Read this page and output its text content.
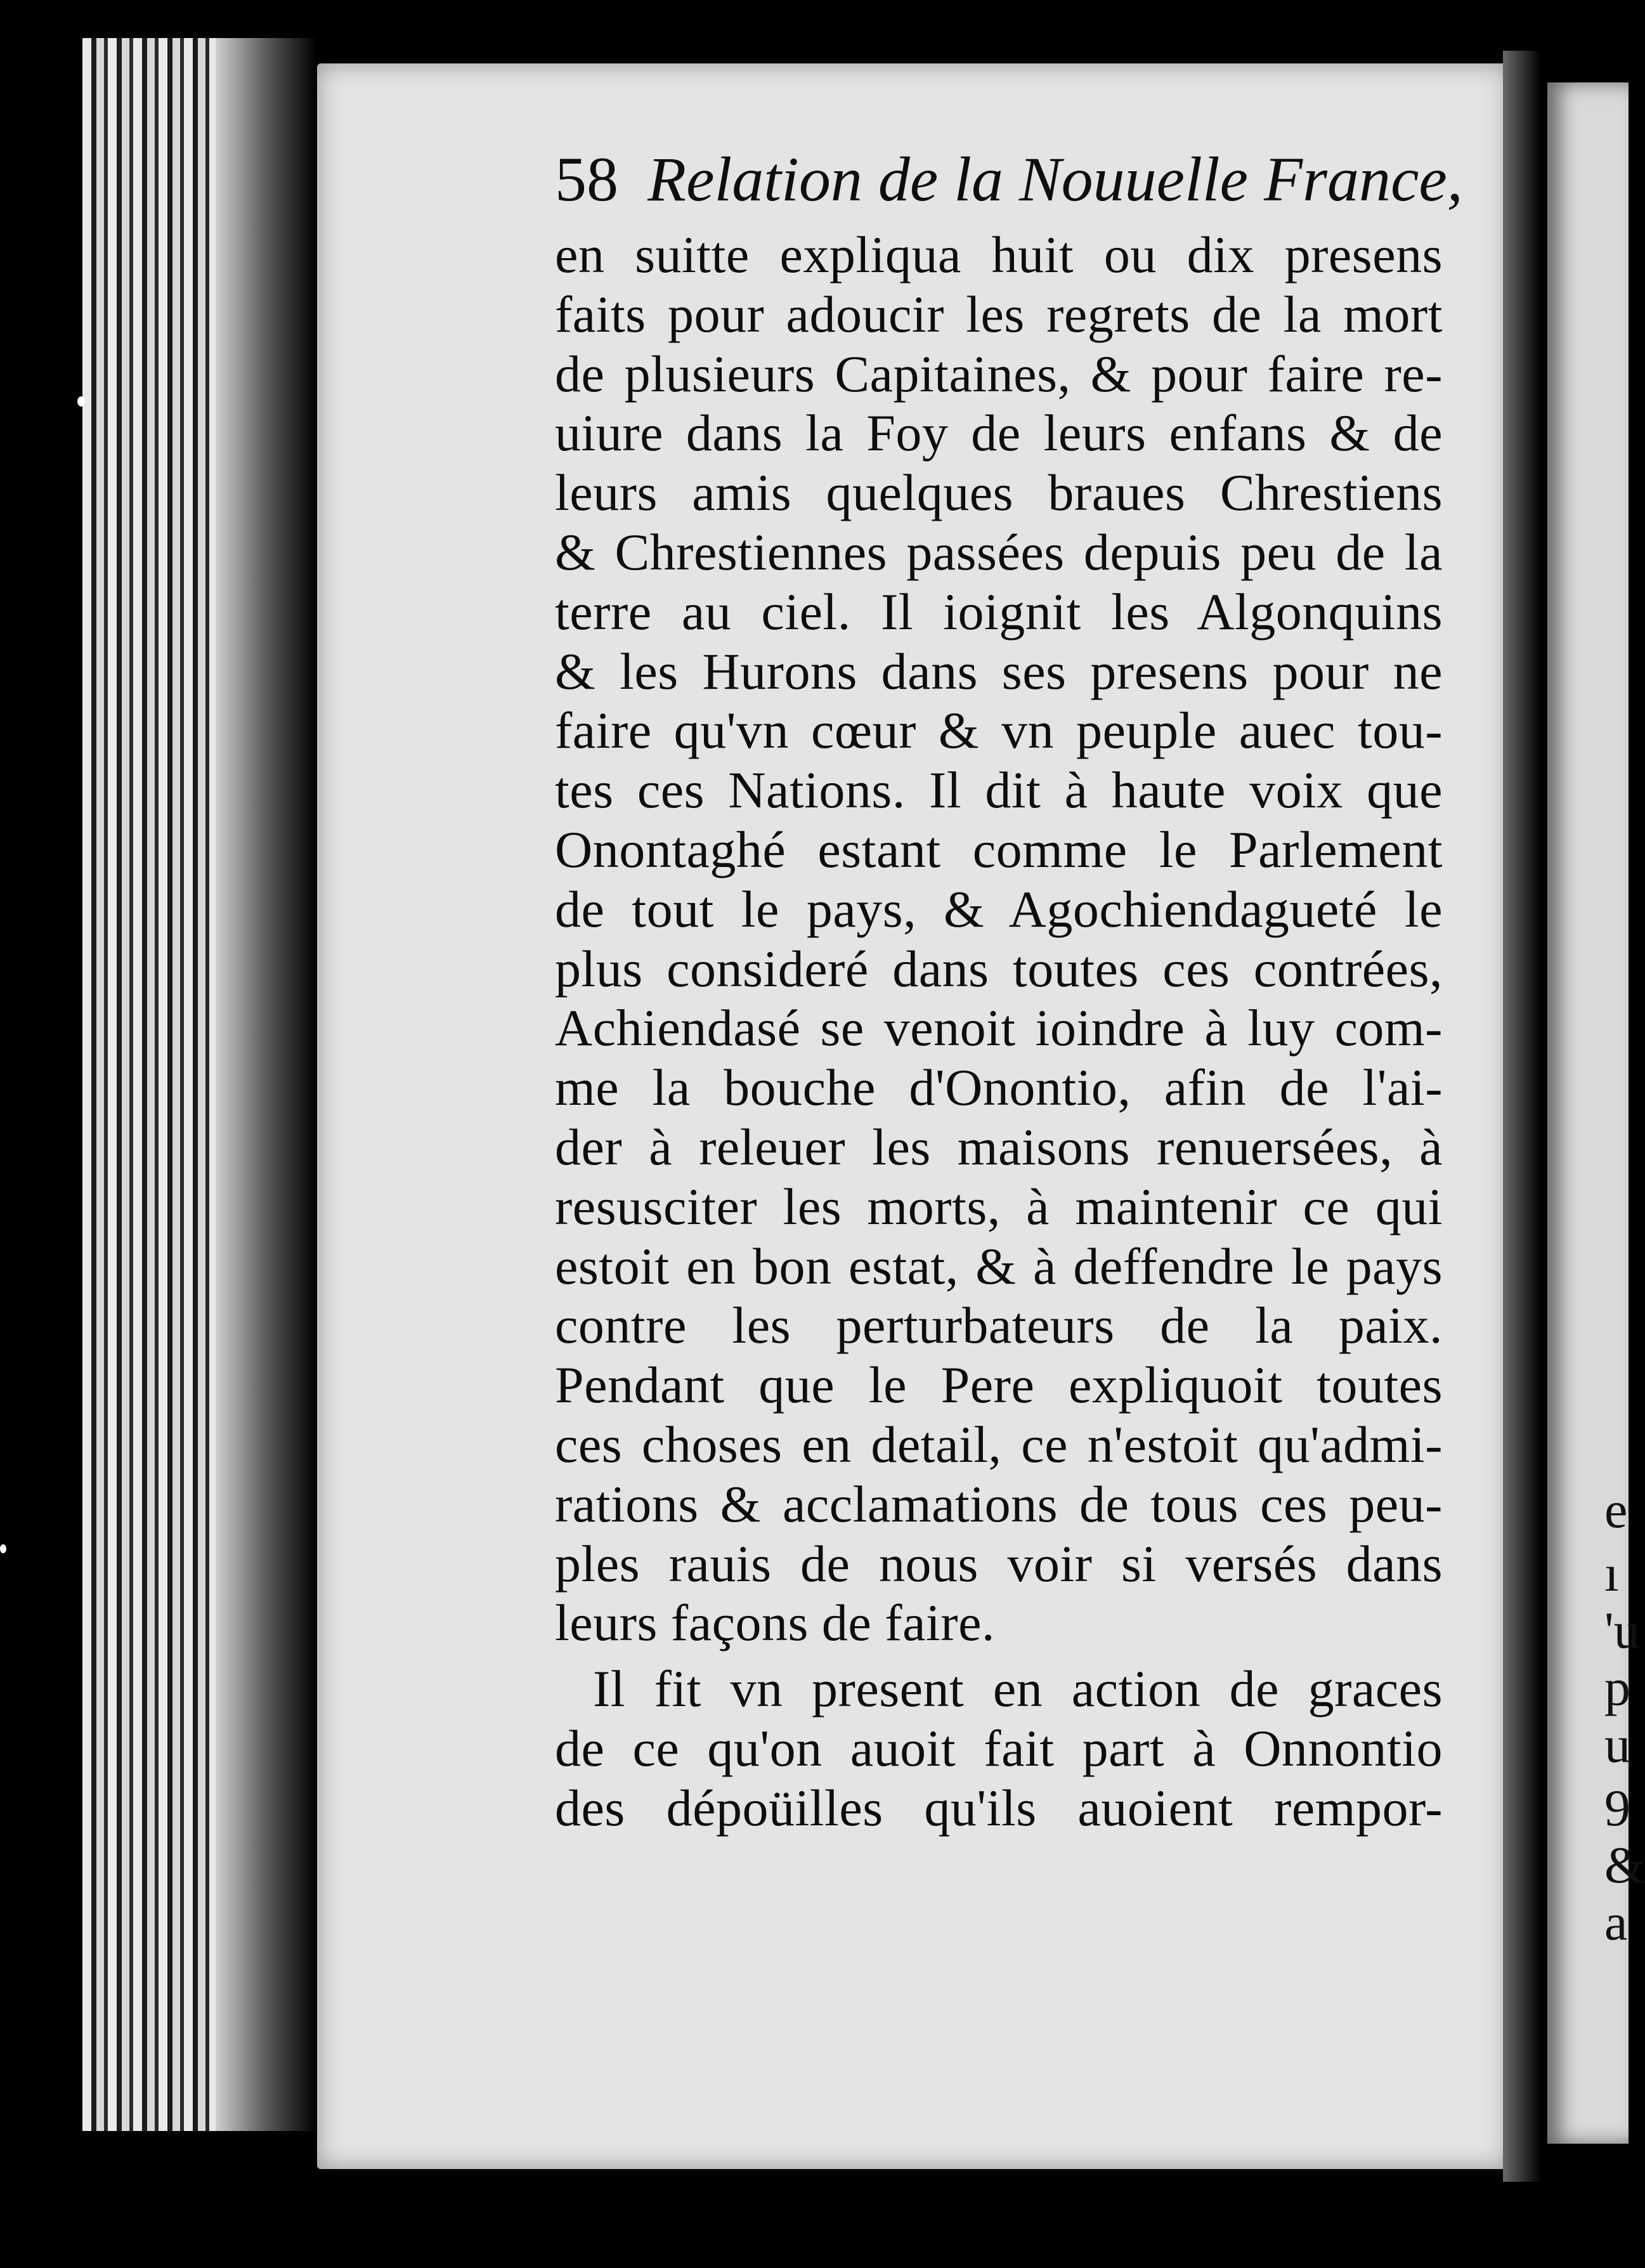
e
ı
'u
p
u
9
&
a
58 Relation de la Nouuelle France,
en suitte expliqua huit ou dix presens
faits pour adoucir les regrets de la mort
de plusieurs Capitaines, & pour faire re-
uiure dans la Foy de leurs enfans & de
leurs amis quelques braues Chrestiens
& Chrestiennes passées depuis peu de la
terre au ciel. Il ioignit les Algonquins
& les Hurons dans ses presens pour ne
faire qu'vn cœur & vn peuple auec tou-
tes ces Nations. Il dit à haute voix que
Onontaghé estant comme le Parlement
de tout le pays, & Agochiendagueté le
plus consideré dans toutes ces contrées,
Achiendasé se venoit ioindre à luy com-
me la bouche d'Onontio, afin de l'ai-
der à releuer les maisons renuersées, à
resusciter les morts, à maintenir ce qui
estoit en bon estat, & à deffendre le pays
contre les perturbateurs de la paix.
Pendant que le Pere expliquoit toutes
ces choses en detail, ce n'estoit qu'admi-
rations & acclamations de tous ces peu-
ples rauis de nous voir si versés dans
leurs façons de faire.
Il fit vn present en action de graces
de ce qu'on auoit fait part à Onnontio
des dépoüilles qu'ils auoient rempor-
